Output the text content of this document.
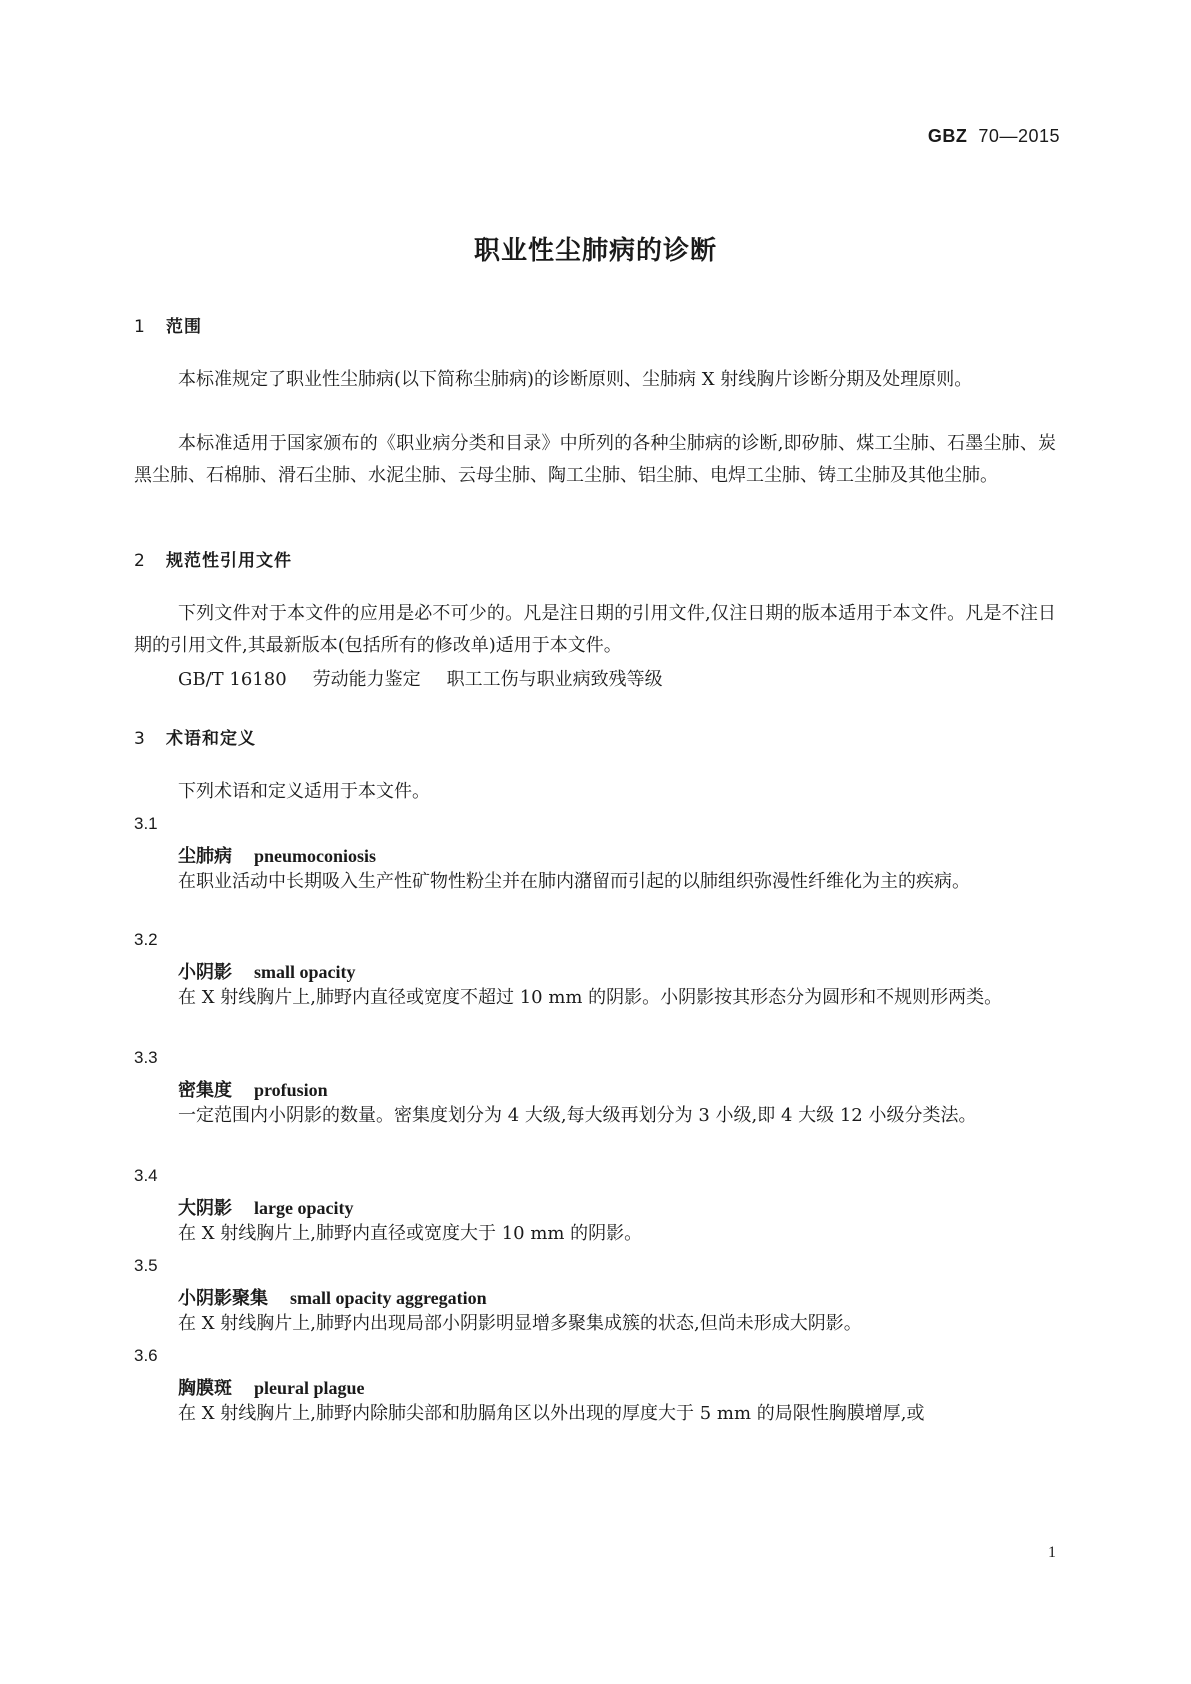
GBZ 70—2015
职业性尘肺病的诊断
1 范围
本标准规定了职业性尘肺病(以下简称尘肺病)的诊断原则、尘肺病 X 射线胸片诊断分期及处理原则。
本标准适用于国家颁布的《职业病分类和目录》中所列的各种尘肺病的诊断,即矽肺、煤工尘肺、石墨尘肺、炭黑尘肺、石棉肺、滑石尘肺、水泥尘肺、云母尘肺、陶工尘肺、铝尘肺、电焊工尘肺、铸工尘肺及其他尘肺。
2 规范性引用文件
下列文件对于本文件的应用是必不可少的。凡是注日期的引用文件,仅注日期的版本适用于本文件。凡是不注日期的引用文件,其最新版本(包括所有的修改单)适用于本文件。
GB/T 16180 劳动能力鉴定 职工工伤与职业病致残等级
3 术语和定义
下列术语和定义适用于本文件。
3.1
尘肺病 pneumoconiosis
在职业活动中长期吸入生产性矿物性粉尘并在肺内潴留而引起的以肺组织弥漫性纤维化为主的疾病。
3.2
小阴影 small opacity
在 X 射线胸片上,肺野内直径或宽度不超过 10 mm 的阴影。小阴影按其形态分为圆形和不规则形两类。
3.3
密集度 profusion
一定范围内小阴影的数量。密集度划分为 4 大级,每大级再划分为 3 小级,即 4 大级 12 小级分类法。
3.4
大阴影 large opacity
在 X 射线胸片上,肺野内直径或宽度大于 10 mm 的阴影。
3.5
小阴影聚集 small opacity aggregation
在 X 射线胸片上,肺野内出现局部小阴影明显增多聚集成簇的状态,但尚未形成大阴影。
3.6
胸膜斑 pleural plague
在 X 射线胸片上,肺野内除肺尖部和肋膈角区以外出现的厚度大于 5 mm 的局限性胸膜增厚,或
1
